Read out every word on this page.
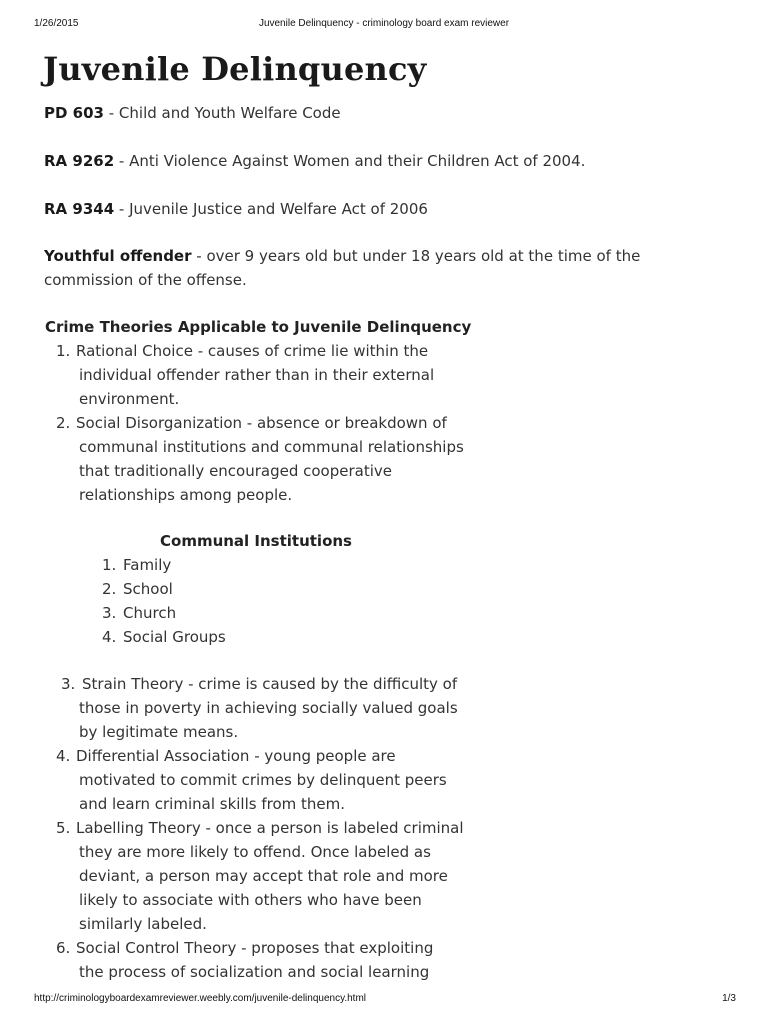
1/26/2015	Juvenile Delinquency - criminology board exam reviewer
Juvenile Delinquency

PD 603 - Child and Youth Welfare Code

RA 9262 - Anti Violence Against Women and their Children Act of 2004.

RA 9344 - Juvenile Justice and Welfare Act of 2006

Youthful offender - over 9 years old but under 18 years old at the time of the
commission of the offense.

Crime Theories Applicable to Juvenile Delinquency

1. Rational Choice - causes of crime lie within the
individual offender rather than in their external
environment.
2. Social Disorganization - absence or breakdown of
communal institutions and communal relationships
that traditionally encouraged cooperative
relationships among people.

Communal Institutions

1. Family
2. School
3. Church
4. Social Groups
3. Strain Theory - crime is caused by the difficulty of
those in poverty in achieving socially valued goals
by legitimate means.
4. Differential Association - young people are
motivated to commit crimes by delinquent peers
and learn criminal skills from them.
5. Labelling Theory - once a person is labeled criminal
they are more likely to offend. Once labeled as
deviant, a person may accept that role and more
likely to associate with others who have been
similarly labeled.
6. Social Control Theory - proposes that exploiting
the process of socialization and social learning
http://criminologyboardexamreviewer.weebly.com/juvenile-delinquency.html	1/3
